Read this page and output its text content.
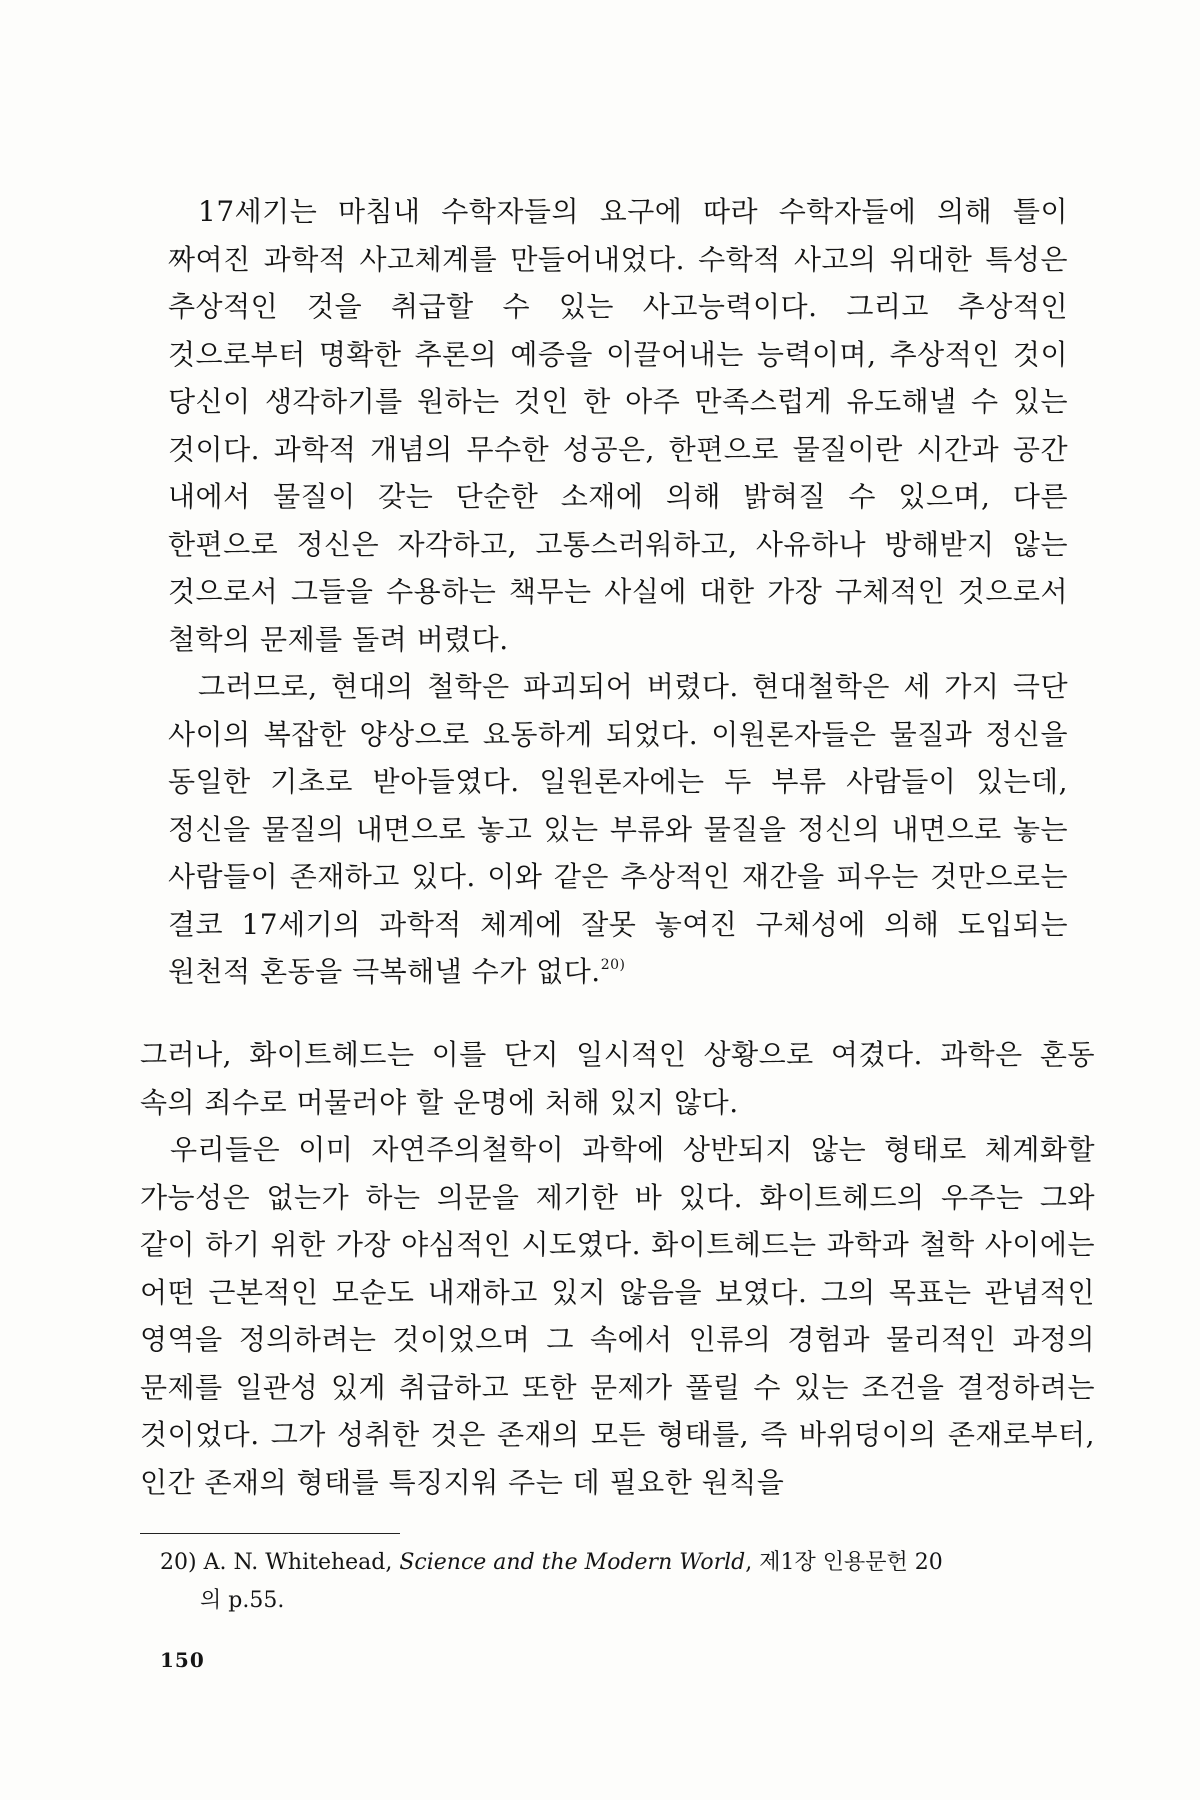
17세기는 마침내 수학자들의 요구에 따라 수학자들에 의해 틀이 짜여진 과학적 사고체계를 만들어내었다. 수학적 사고의 위대한 특성은 추상적인 것을 취급할 수 있는 사고능력이다. 그리고 추상적인 것으로부터 명확한 추론의 예증을 이끌어내는 능력이며, 추상적인 것이 당신이 생각하기를 원하는 것인 한 아주 만족스럽게 유도해낼 수 있는 것이다. 과학적 개념의 무수한 성공은, 한편으로 물질이란 시간과 공간 내에서 물질이 갖는 단순한 소재에 의해 밝혀질 수 있으며, 다른 한편으로 정신은 자각하고, 고통스러워하고, 사유하나 방해받지 않는 것으로서 그들을 수용하는 책무는 사실에 대한 가장 구체적인 것으로서 철학의 문제를 돌려 버렸다.

그러므로, 현대의 철학은 파괴되어 버렸다. 현대철학은 세 가지 극단 사이의 복잡한 양상으로 요동하게 되었다. 이원론자들은 물질과 정신을 동일한 기초로 받아들였다. 일원론자에는 두 부류 사람들이 있는데, 정신을 물질의 내면으로 놓고 있는 부류와 물질을 정신의 내면으로 놓는 사람들이 존재하고 있다. 이와 같은 추상적인 재간을 피우는 것만으로는 결코 17세기의 과학적 체계에 잘못 놓여진 구체성에 의해 도입되는 원천적 혼동을 극복해낼 수가 없다.$^{20)}$

그러나, 화이트헤드는 이를 단지 일시적인 상황으로 여겼다. 과학은 혼동 속의 죄수로 머물러야 할 운명에 처해 있지 않다.

우리들은 이미 자연주의철학이 과학에 상반되지 않는 형태로 체계화할 가능성은 없는가 하는 의문을 제기한 바 있다. 화이트헤드의 우주는 그와 같이 하기 위한 가장 야심적인 시도였다. 화이트헤드는 과학과 철학 사이에는 어떤 근본적인 모순도 내재하고 있지 않음을 보였다. 그의 목표는 관념적인 영역을 정의하려는 것이었으며 그 속에서 인류의 경험과 물리적인 과정의 문제를 일관성 있게 취급하고 또한 문제가 풀릴 수 있는 조건을 결정하려는 것이었다. 그가 성취한 것은 존재의 모든 형태를, 즉 바위덩이의 존재로부터, 인간 존재의 형태를 특징지워 주는 데 필요한 원칙을

20) A. N. Whitehead, Science and the Modern World, 제1장 인용문헌 20
의 p.55.
150
